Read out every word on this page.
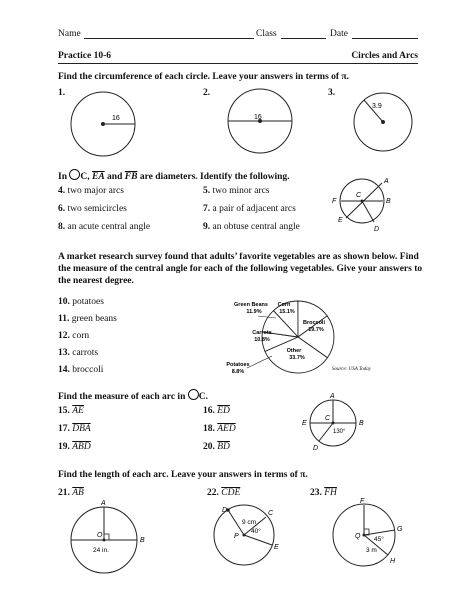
Name	Class	Date
Practice 10-6	Circles and Arcs
Find the circumference of each circle. Leave your answers in terms of π.
1.	2.	3.
16	16
3.9
In C, $\overline{EA}$ and $\overline{FB}$ are diameters. Identify the following.
4. two major arcs	5. two minor arcs
6. two semicircles	7. a pair of adjacent arcs
8. an acute central angle	9. an obtuse central angle
A
B
C
D
E
F
A market research survey found that adults’ favorite vegetables are as shown below. Find
the measure of the central angle for each of the following vegetables. Give your answers to
the nearest degree.
10. potatoes
11. green beans
12. corn
13. carrots
14. broccoli
Green Beans
11.9%
Corn
15.1%
Broccoli
19.7%
Other
33.7%
Potatoes
8.8%
Carrots
10.8%
Source: USA Today
Find the measure of each arc in C.
15. $\overline{AE}$	16. $\overline{ED}$
17. $\overline{DBA}$	18. $\overline{AED}$
19. $\overline{ABD}$	20. $\overline{BD}$
A
B
C
D
E
130°
Find the length of each arc. Leave your answers in terms of π.
21. $\overline{AB}$	22. $\overline{CDE}$	23. $\overline{FH}$
A
B
O
24 in.
D	C
E
P
9 cm
40°
F
G
H
Q 45°
3 m
